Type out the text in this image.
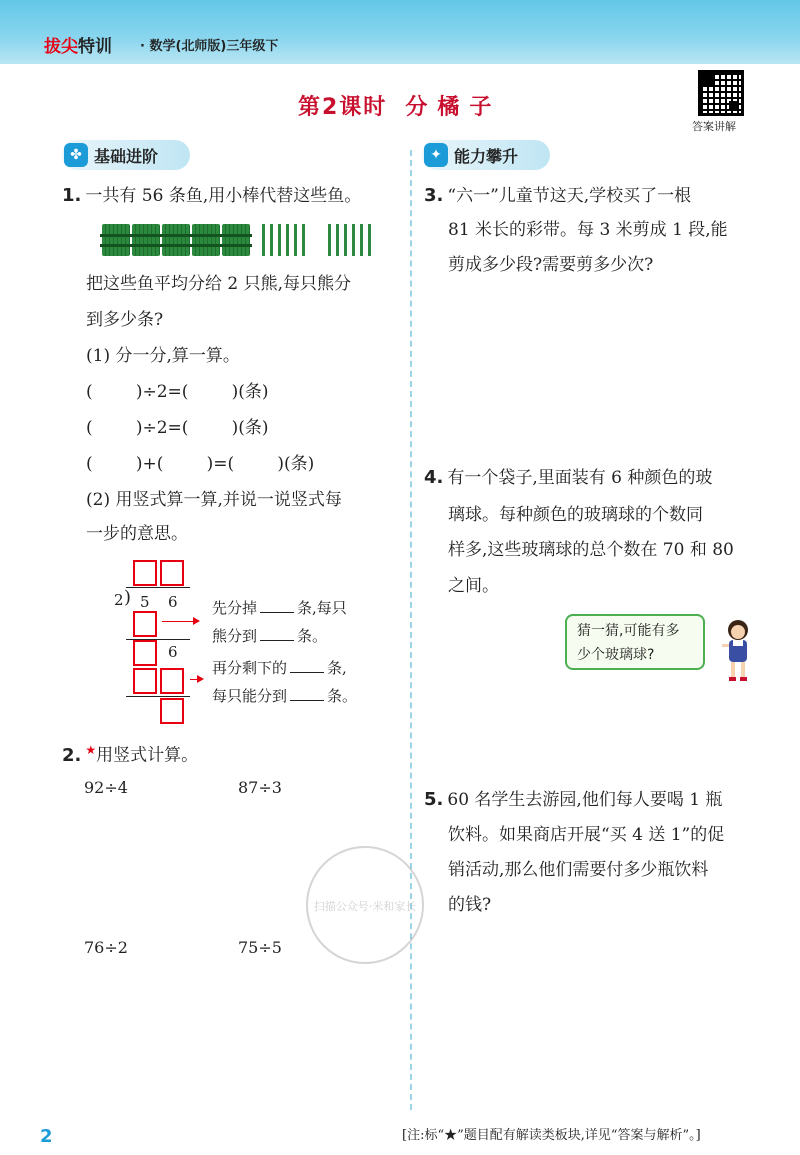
拔尖特训 · 数学(北师版)三年级下
第2课时 分橘子
答案讲解
✤ 基础进阶	✦ 能力攀升
1. 一共有 56 条鱼,用小棒代替这些鱼。
把这些鱼平均分给 2 只熊,每只熊分
到多少条?
(1) 分一分,算一算。
(        )÷2=(        )(条)
(        )÷2=(        )(条)
(        )+(        )=(        )(条)
(2) 用竖式算一算,并说一说竖式每
一步的意思。
2 ) 5 6
6
先分掉	条,每只
熊分到	条。
再分剩下的	条,
每只能分到	条。
2. ★用竖式计算。
92÷4	87÷3
76÷2	75÷5
3. “六一”儿童节这天,学校买了一根
81 米长的彩带。每 3 米剪成 1 段,能
剪成多少段?需要剪多少次?
4. 有一个袋子,里面装有 6 种颜色的玻
璃球。每种颜色的玻璃球的个数同
样多,这些玻璃球的总个数在 70 和 80
之间。
猜一猜,可能有多
少个玻璃球?
5. 60 名学生去游园,他们每人要喝 1 瓶
饮料。如果商店开展“买 4 送 1”的促
销活动,那么他们需要付多少瓶饮料
的钱?
扫描公众号·米和家长
2	[注:标“★”题目配有解读类板块,详见“答案与解析”。]
